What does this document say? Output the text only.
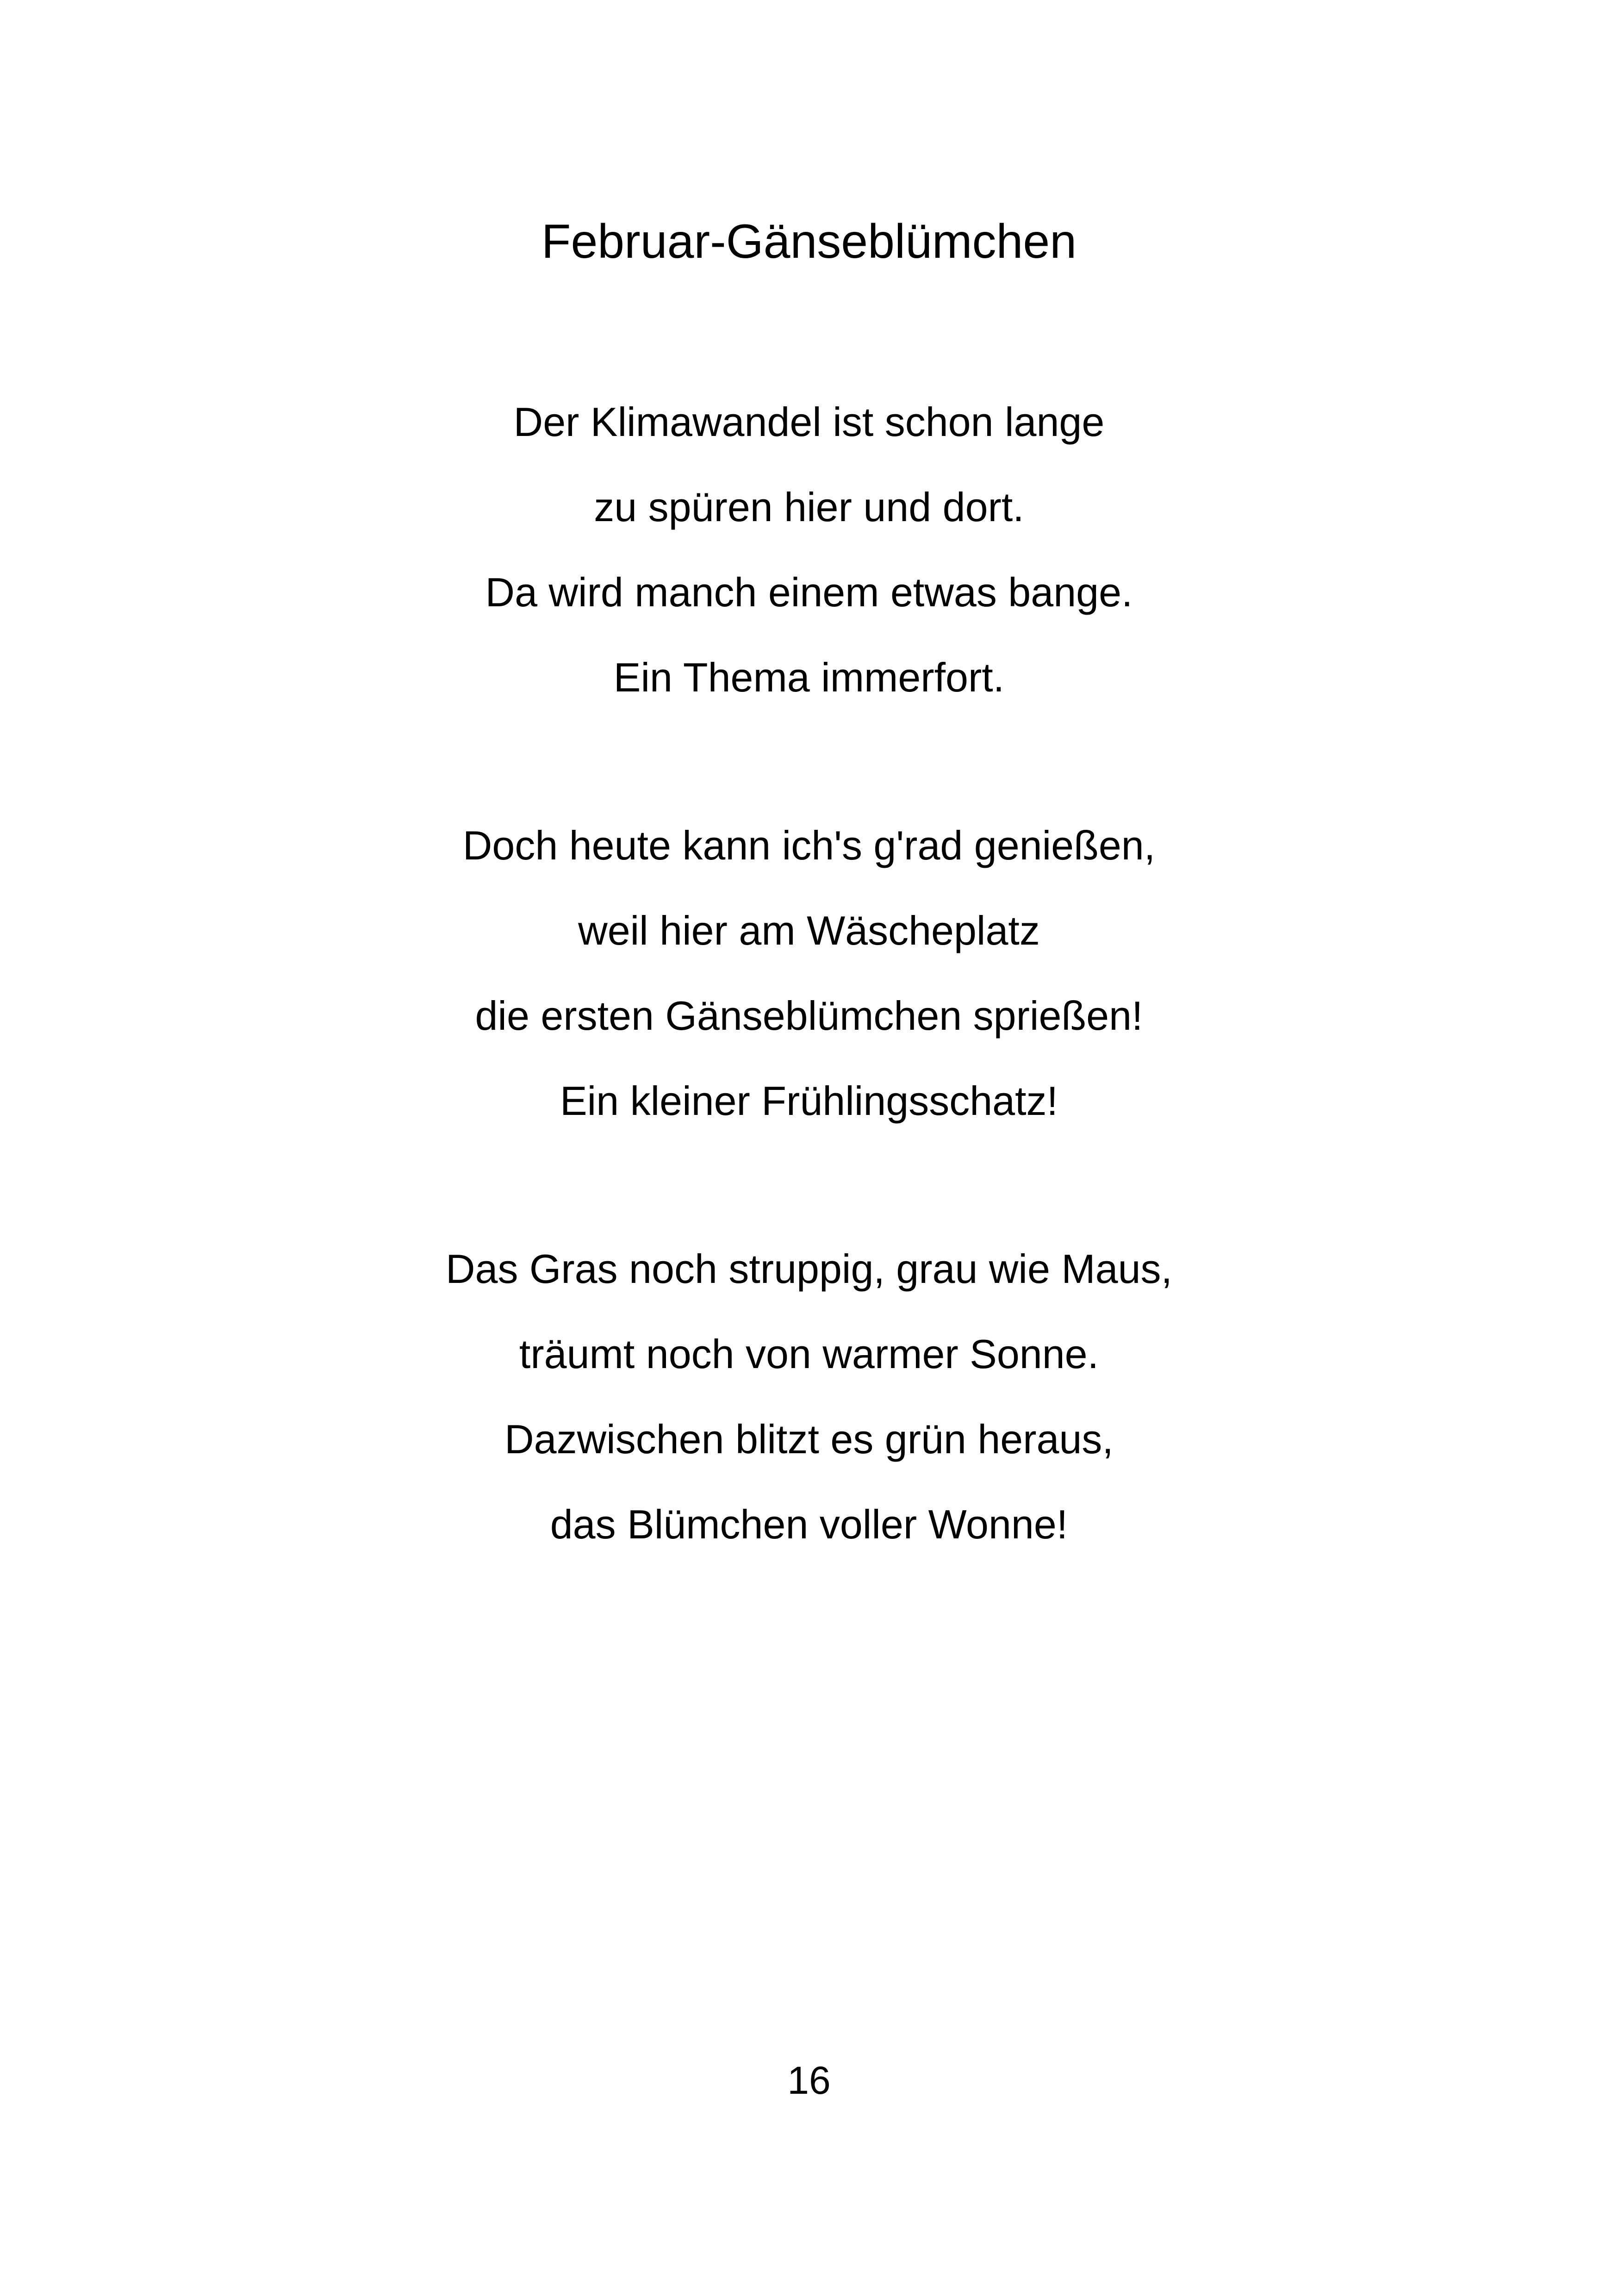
Februar-Gänseblümchen
Der Klimawandel ist schon lange
zu spüren hier und dort.
Da wird manch einem etwas bange.
Ein Thema immerfort.
Doch heute kann ich's g'rad genießen,
weil hier am Wäscheplatz
die ersten Gänseblümchen sprießen!
Ein kleiner Frühlingsschatz!
Das Gras noch struppig, grau wie Maus,
träumt noch von warmer Sonne.
Dazwischen blitzt es grün heraus,
das Blümchen voller Wonne!
16
